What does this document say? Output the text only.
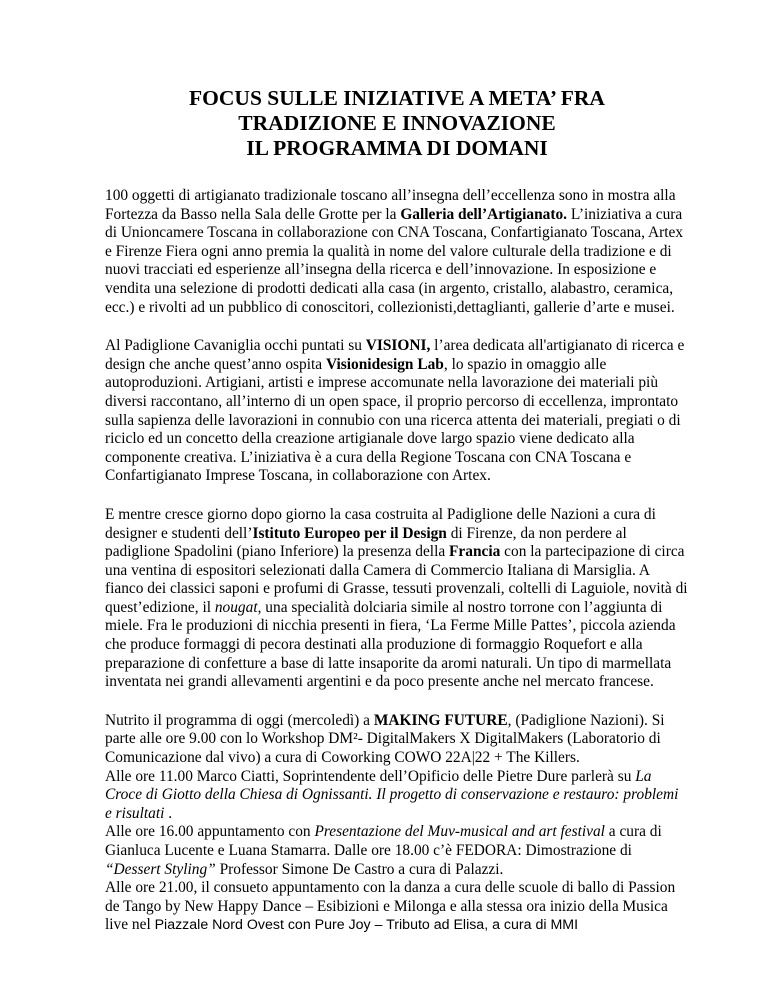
FOCUS SULLE INIZIATIVE A META’ FRA
TRADIZIONE E INNOVAZIONE
IL PROGRAMMA DI DOMANI

100 oggetti di artigianato tradizionale toscano all’insegna dell’eccellenza sono in mostra alla Fortezza da Basso nella Sala delle Grotte per la Galleria dell’Artigianato. L’iniziativa a cura di Unioncamere Toscana in collaborazione con CNA Toscana, Confartigianato Toscana, Artex e Firenze Fiera ogni anno premia la qualità in nome del valore culturale della tradizione e di nuovi tracciati ed esperienze all’insegna della ricerca e dell’innovazione. In esposizione e vendita una selezione di prodotti dedicati alla casa (in argento, cristallo, alabastro, ceramica, ecc.) e rivolti ad un pubblico di conoscitori, collezionisti,dettaglianti, gallerie d’arte e musei.

Al Padiglione Cavaniglia occhi puntati su VISIONI, l’area dedicata all'artigianato di ricerca e design che anche quest’anno ospita Visionidesign Lab, lo spazio in omaggio alle autoproduzioni. Artigiani, artisti e imprese accomunate nella lavorazione dei materiali più diversi raccontano, all’interno di un open space, il proprio percorso di eccellenza, improntato sulla sapienza delle lavorazioni in connubio con una ricerca attenta dei materiali, pregiati o di riciclo ed un concetto della creazione artigianale dove largo spazio viene dedicato alla componente creativa. L’iniziativa è a cura della Regione Toscana con CNA Toscana e Confartigianato Imprese Toscana, in collaborazione con Artex.

E mentre cresce giorno dopo giorno la casa costruita al Padiglione delle Nazioni a cura di designer e studenti dell’Istituto Europeo per il Design di Firenze, da non perdere al padiglione Spadolini (piano Inferiore) la presenza della Francia con la partecipazione di circa una ventina di espositori selezionati dalla Camera di Commercio Italiana di Marsiglia. A fianco dei classici saponi e profumi di Grasse, tessuti provenzali, coltelli di Laguiole, novità di quest’edizione, il nougat, una specialità dolciaria simile al nostro torrone con l’aggiunta di miele. Fra le produzioni di nicchia presenti in fiera, ‘La Ferme Mille Pattes’, piccola azienda che produce formaggi di pecora destinati alla produzione di formaggio Roquefort e alla preparazione di confetture a base di latte insaporite da aromi naturali. Un tipo di marmellata inventata nei grandi allevamenti argentini e da poco presente anche nel mercato francese.

Nutrito il programma di oggi (mercoledì) a MAKING FUTURE, (Padiglione Nazioni). Si parte alle ore 9.00 con lo Workshop DM²- DigitalMakers X DigitalMakers (Laboratorio di Comunicazione dal vivo) a cura di Coworking COWO 22A|22 + The Killers.
Alle ore 11.00 Marco Ciatti, Soprintendente dell’Opificio delle Pietre Dure parlerà su La Croce di Giotto della Chiesa di Ognissanti. Il progetto di conservazione e restauro: problemi e risultati .
Alle ore 16.00 appuntamento con Presentazione del Muv-musical and art festival a cura di Gianluca Lucente e Luana Stamarra. Dalle ore 18.00 c’è FEDORA: Dimostrazione di “Dessert Styling” Professor Simone De Castro a cura di Palazzi.
Alle ore 21.00, il consueto appuntamento con la danza a cura delle scuole di ballo di Passion de Tango by New Happy Dance – Esibizioni e Milonga e alla stessa ora inizio della Musica live nel Piazzale Nord Ovest con Pure Joy – Tributo ad Elisa, a cura di MMI
